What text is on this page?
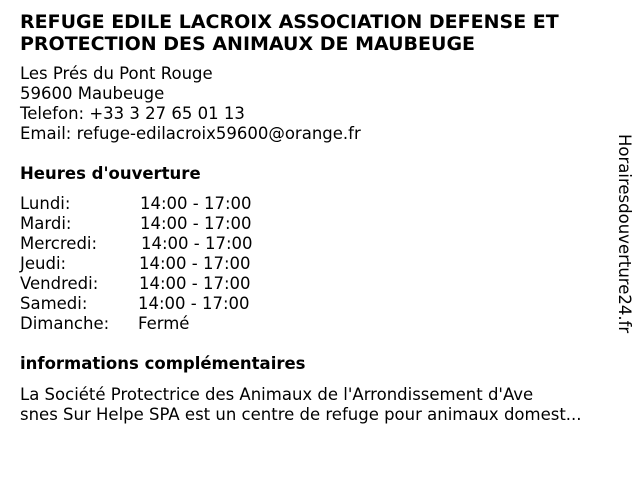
REFUGE EDILE LACROIX ASSOCIATION DEFENSE ET
PROTECTION DES ANIMAUX DE MAUBEUGE
Les Prés du Pont Rouge
59600 Maubeuge
Telefon: +33 3 27 65 01 13
Email: refuge-edilacroix59600@orange.fr
Heures d'ouverture
Lundi:	14:00 - 17:00
Mardi:	14:00 - 17:00
Mercredi:	14:00 - 17:00
Jeudi:	14:00 - 17:00
Vendredi: 14:00 - 17:00
Samedi:	14:00 - 17:00
Dimanche: Fermé
informations complémentaires
La Société Protectrice des Animaux de l'Arrondissement d'Ave
snes Sur Helpe SPA est un centre de refuge pour animaux domest...
Horairesdouverture24.fr
